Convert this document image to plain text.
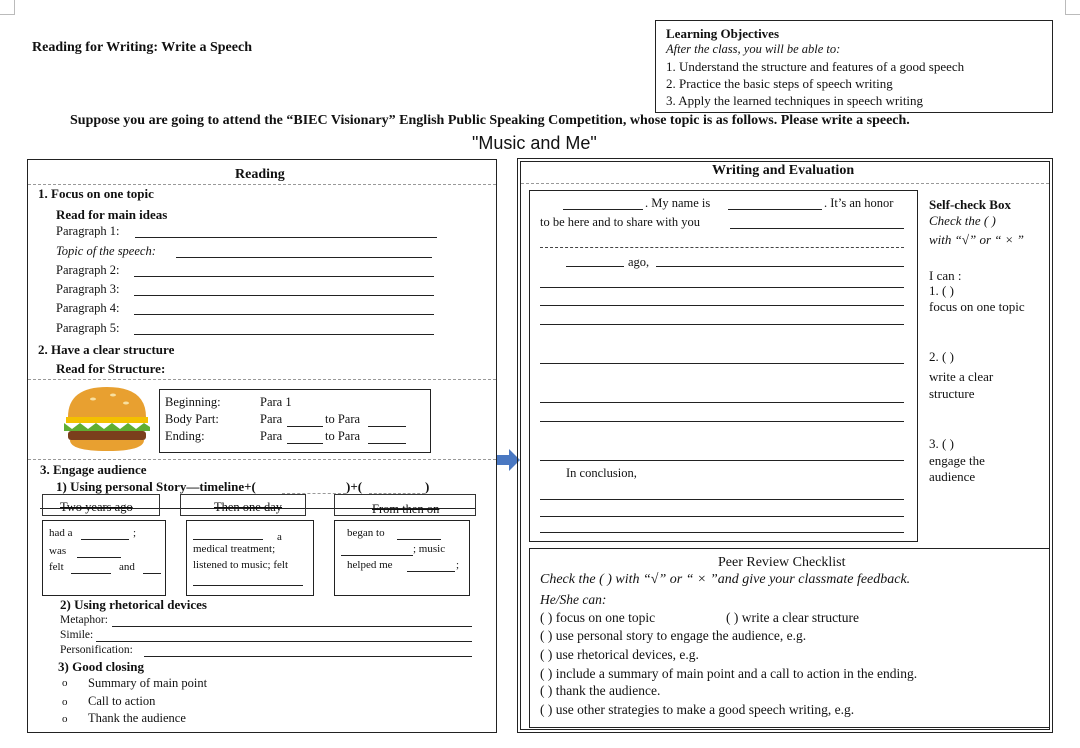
Reading for Writing: Write a Speech
Learning Objectives
After the class, you will be able to:
1. Understand the structure and features of a good speech
2. Practice the basic steps of speech writing
3. Apply the learned techniques in speech writing
Suppose you are going to attend the “BIEC Visionary” English Public Speaking Competition, whose topic is as follows. Please write a speech.
"Music and Me"
Reading
1. Focus on one topic
Read for main ideas
Paragraph 1:
Topic of the speech:
Paragraph 2:
Paragraph 3:
Paragraph 4:
Paragraph 5:
2. Have a clear structure
Read for Structure:
Beginning:	Para 1
Body Part:	Para	to Para
Ending:	Para	to Para
3. Engage audience
1) Using personal Story—timeline+(	)+(	)
Two years ago	Then one day	From then on
had a	;
was
felt	and
a
medical treatment;
listened to music; felt
began to
; music
helped me	;
2) Using rhetorical devices
Metaphor:
Simile:
Personification:
3) Good closing
o Summary of main point
o Call to action
o Thank the audience
Writing and Evaluation
. My name is	. It’s an honor
to be here and to share with you
ago,
In conclusion,
Self-check Box
Check the ( )
with “√” or “ × ”
I can :
1. ( )
focus on one topic
2. ( )
write a clear
structure
3. ( )
engage the
audience
Peer Review Checklist
Check the ( ) with “√” or “ × ”and give your classmate feedback.
He/She can:
( ) focus on one topic	( ) write a clear structure
( ) use personal story to engage the audience, e.g.
( ) use rhetorical devices, e.g.
( ) include a summary of main point and a call to action in the ending.
( ) thank the audience.
( ) use other strategies to make a good speech writing, e.g.
